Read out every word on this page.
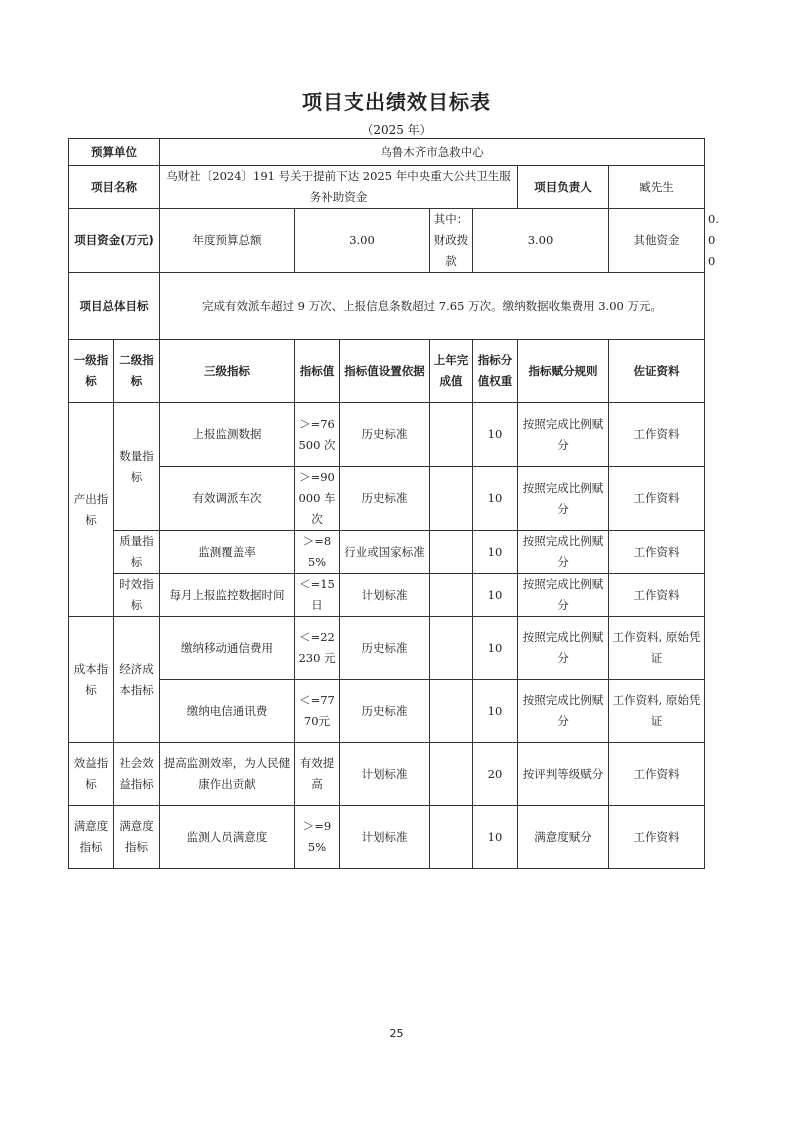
项目支出绩效目标表
（2025 年）
预算单位		乌鲁木齐市急救中心							
项目名称		乌财社〔2024〕191 号关于提前下达 2025 年中央重大公共卫生服务补助资金					项目负责人	臧先生	
项目资金(万元)		年度预算总额	3.00		其中：财政拨款	3.00		其他资金	0.00
项目总体目标		完成有效派车超过 9 万次、上报信息条数超过 7.65 万次。缴纳数据收集费用 3.00 万元。							
一级指标	二级指标	三级指标	指标值	指标值设置依据	上年完成值	指标分值权重	指标赋分规则	佐证资料	
产出指标	数量指标	上报监测数据	＞=76500 次	历史标准		10	按照完成比例赋分	工作资料	
		有效调派车次	＞=90000 车次	历史标准		10	按照完成比例赋分	工作资料	
	质量指标	监测覆盖率	＞=85%	行业或国家标准		10	按照完成比例赋分	工作资料	
	时效指标	每月上报监控数据时间	＜=15日	计划标准		10	按照完成比例赋分	工作资料	
成本指标	经济成本指标	缴纳移动通信费用	＜=22230 元	历史标准		10	按照完成比例赋分	工作资料, 原始凭证	
		缴纳电信通讯费	＜=7770元	历史标准		10	按照完成比例赋分	工作资料, 原始凭证	
效益指标	社会效益指标	提高监测效率，为人民健康作出贡献	有效提高	计划标准		20	按评判等级赋分	工作资料	
满意度指标	满意度指标	监测人员满意度	＞=95%	计划标准		10	满意度赋分	工作资料	
25
